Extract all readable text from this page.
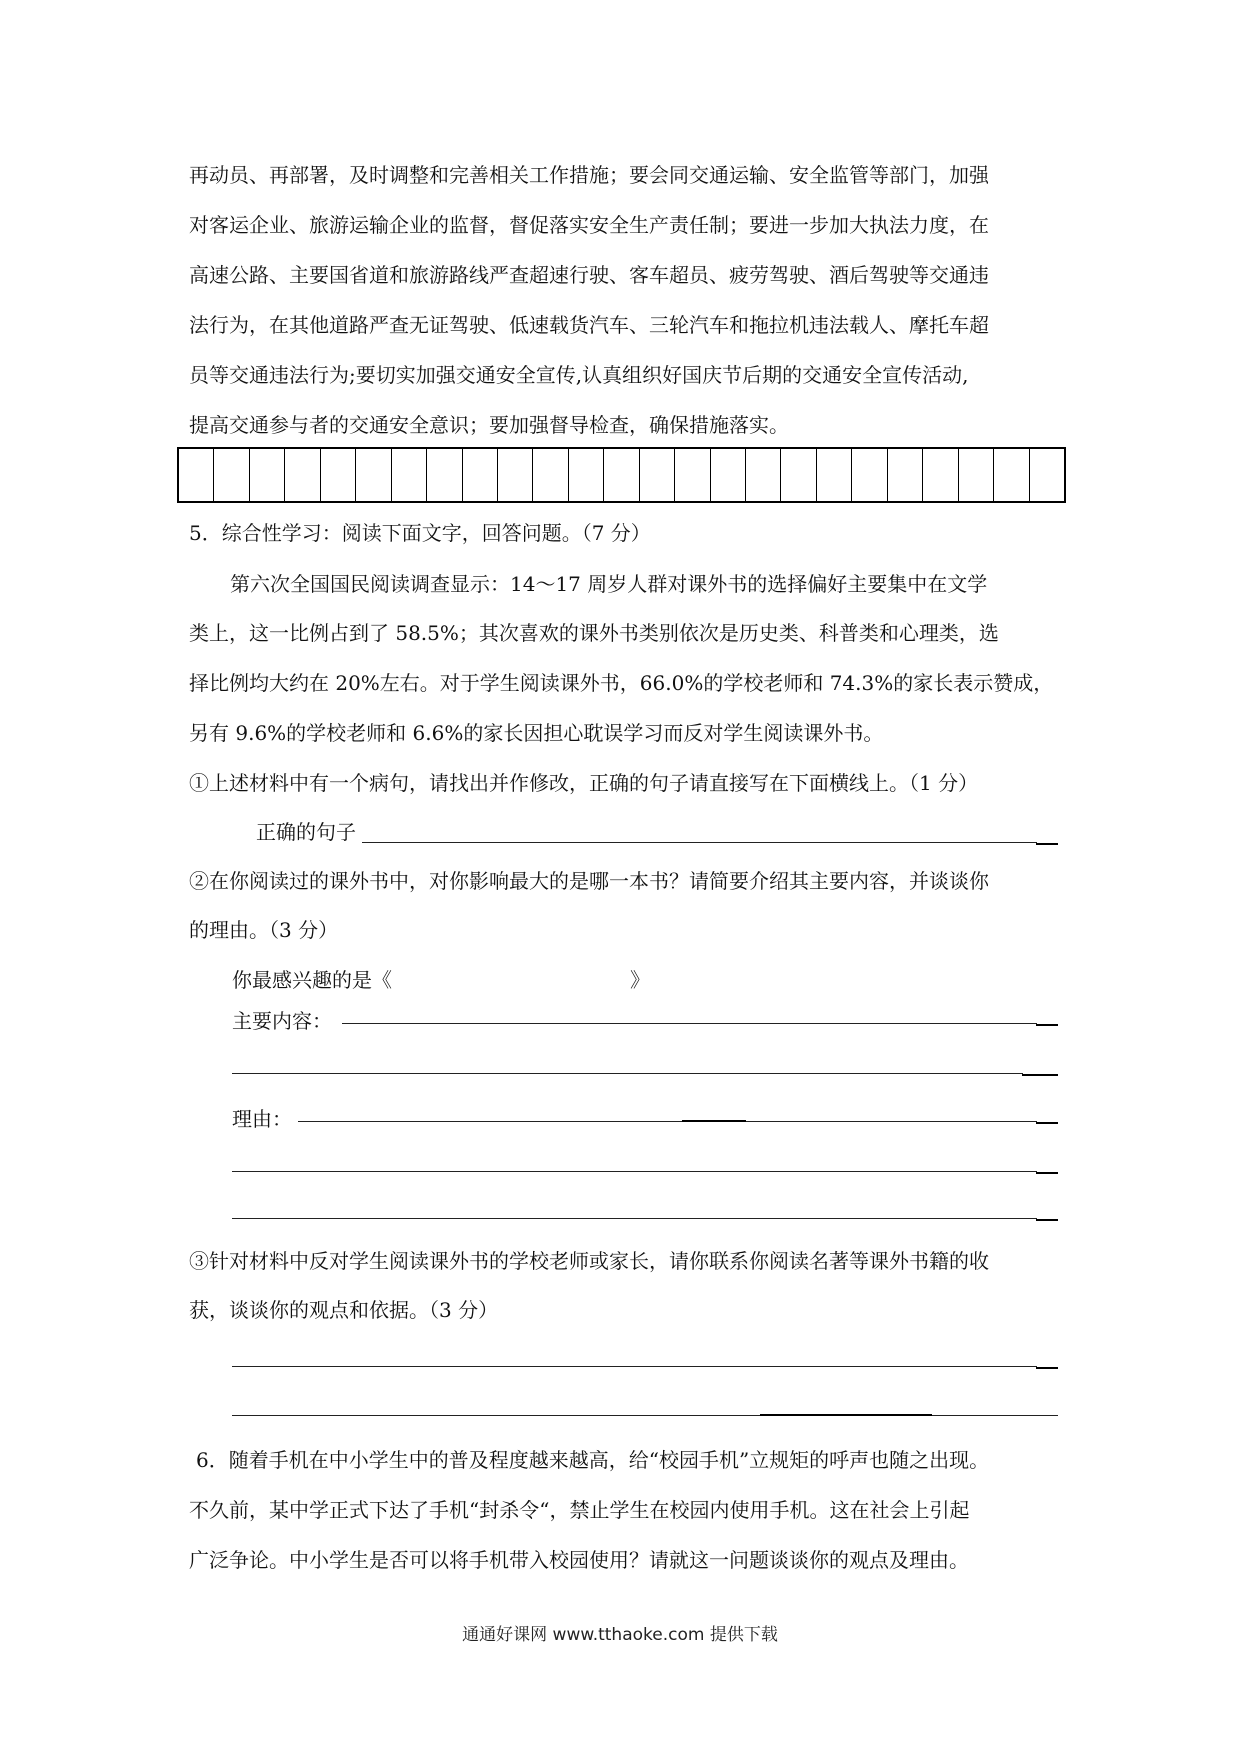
再动员、再部署，及时调整和完善相关工作措施；要会同交通运输、安全监管等部门，加强
对客运企业、旅游运输企业的监督，督促落实安全生产责任制；要进一步加大执法力度，在
高速公路、主要国省道和旅游路线严查超速行驶、客车超员、疲劳驾驶、酒后驾驶等交通违
法行为，在其他道路严查无证驾驶、低速载货汽车、三轮汽车和拖拉机违法载人、摩托车超
员等交通违法行为;要切实加强交通安全宣传,认真组织好国庆节后期的交通安全宣传活动,
提高交通参与者的交通安全意识；要加强督导检查，确保措施落实。
5．综合性学习：阅读下面文字，回答问题。（7 分）
第六次全国国民阅读调查显示：14～17 周岁人群对课外书的选择偏好主要集中在文学
类上，这一比例占到了 58.5%；其次喜欢的课外书类别依次是历史类、科普类和心理类，选
择比例均大约在 20%左右。对于学生阅读课外书，66.0%的学校老师和 74.3%的家长表示赞成，
另有 9.6%的学校老师和 6.6%的家长因担心耽误学习而反对学生阅读课外书。
①上述材料中有一个病句，请找出并作修改，正确的句子请直接写在下面横线上。（1 分）
正确的句子
②在你阅读过的课外书中，对你影响最大的是哪一本书？请简要介绍其主要内容，并谈谈你
的理由。（3 分）
你最感兴趣的是《	》
主要内容：
理由：
③针对材料中反对学生阅读课外书的学校老师或家长，请你联系你阅读名著等课外书籍的收
获，谈谈你的观点和依据。（3 分）
6．随着手机在中小学生中的普及程度越来越高，给“校园手机”立规矩的呼声也随之出现。
不久前，某中学正式下达了手机“封杀令“，禁止学生在校园内使用手机。这在社会上引起
广泛争论。中小学生是否可以将手机带入校园使用？请就这一问题谈谈你的观点及理由。
通通好课网 www.tthaoke.com 提供下载
